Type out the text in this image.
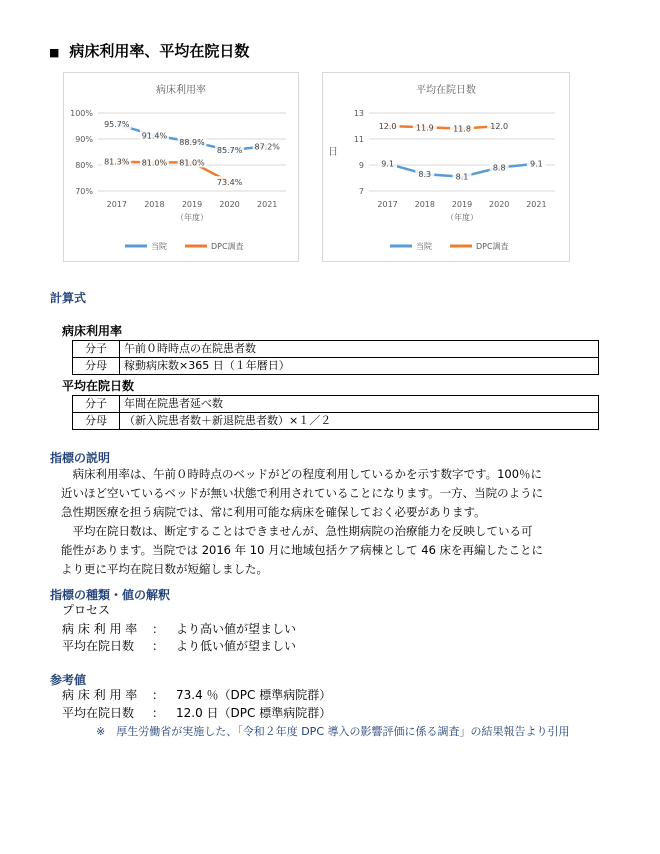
■ 病床利用率、平均在院日数
病床利用率
70%
80%
90%
100%
2017 2018 2019 2020 2021
（年度）
95.7%
91.4%
88.9%
85.7% 87.2%
81.3% 81.0% 81.0%
73.4%
当院	DPC調査
平均在院日数
7
9
11
13
日
2017 2018 2019 2020 2021
（年度）
9.1
8.3	8.1
8.8	9.1
12.0 11.9 11.8 12.0
当院	DPC調査
計算式
病床利用率
分子	午前０時時点の在院患者数
分母	稼動病床数×365 日（１年暦日）
平均在院日数
分子	年間在院患者延べ数
分母	（新入院患者数＋新退院患者数）×１／２
指標の説明
　病床利用率は、午前０時時点のベッドがどの程度利用しているかを示す数字です。100％に
近いほど空いているベッドが無い状態で利用されていることになります。一方、当院のように
急性期医療を担う病院では、常に利用可能な病床を確保しておく必要があります。
　平均在院日数は、断定することはできませんが、急性期病院の治療能力を反映している可
能性があります。当院では 2016 年 10 月に地域包括ケア病棟として 46 床を再編したことに
より更に平均在院日数が短縮しました。
指標の種類・値の解釈
プロセス
病 床 利 用 率 ： より高い値が望ましい
平均在院日数 ： より低い値が望ましい
参考値
病 床 利 用 率 ： 73.4 ％（DPC 標準病院群）
平均在院日数 ： 12.0 日（DPC 標準病院群）
※　厚生労働省が実施した、「令和２年度 DPC 導入の影響評価に係る調査」の結果報告より引用
